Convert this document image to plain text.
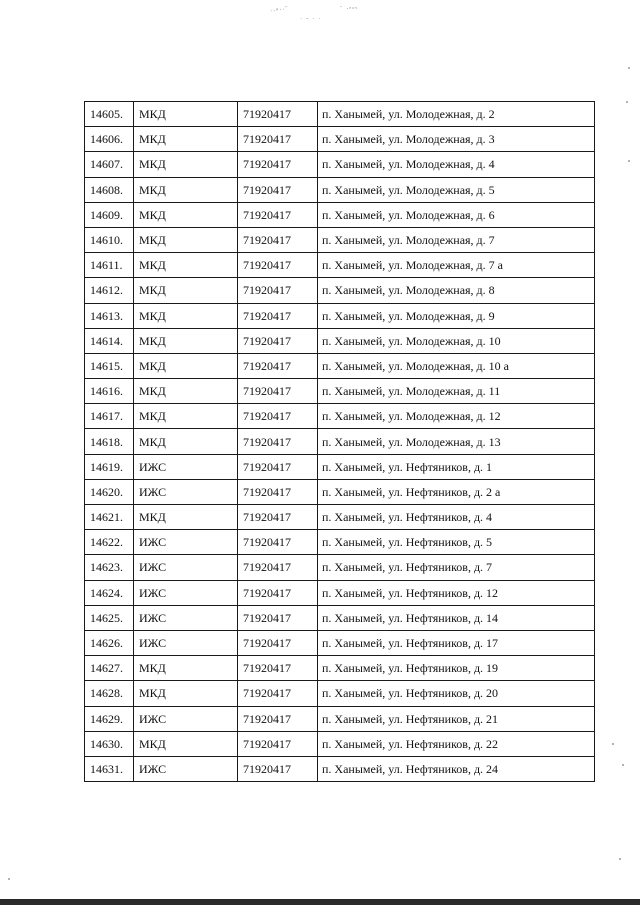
·∙ⁿ·∙ˆ	¨ ·ᵉᵒᵛ
˙ ˆ ˙ ˙
14605.	МКД	71920417	п. Ханымей, ул. Молодежная, д. 2
14606.	МКД	71920417	п. Ханымей, ул. Молодежная, д. 3
14607.	МКД	71920417	п. Ханымей, ул. Молодежная, д. 4
14608.	МКД	71920417	п. Ханымей, ул. Молодежная, д. 5
14609.	МКД	71920417	п. Ханымей, ул. Молодежная, д. 6
14610.	МКД	71920417	п. Ханымей, ул. Молодежная, д. 7
14611.	МКД	71920417	п. Ханымей, ул. Молодежная, д. 7 а
14612.	МКД	71920417	п. Ханымей, ул. Молодежная, д. 8
14613.	МКД	71920417	п. Ханымей, ул. Молодежная, д. 9
14614.	МКД	71920417	п. Ханымей, ул. Молодежная, д. 10
14615.	МКД	71920417	п. Ханымей, ул. Молодежная, д. 10 а
14616.	МКД	71920417	п. Ханымей, ул. Молодежная, д. 11
14617.	МКД	71920417	п. Ханымей, ул. Молодежная, д. 12
14618.	МКД	71920417	п. Ханымей, ул. Молодежная, д. 13
14619.	ИЖС	71920417	п. Ханымей, ул. Нефтяников, д. 1
14620.	ИЖС	71920417	п. Ханымей, ул. Нефтяников, д. 2 а
14621.	МКД	71920417	п. Ханымей, ул. Нефтяников, д. 4
14622.	ИЖС	71920417	п. Ханымей, ул. Нефтяников, д. 5
14623.	ИЖС	71920417	п. Ханымей, ул. Нефтяников, д. 7
14624.	ИЖС	71920417	п. Ханымей, ул. Нефтяников, д. 12
14625.	ИЖС	71920417	п. Ханымей, ул. Нефтяников, д. 14
14626.	ИЖС	71920417	п. Ханымей, ул. Нефтяников, д. 17
14627.	МКД	71920417	п. Ханымей, ул. Нефтяников, д. 19
14628.	МКД	71920417	п. Ханымей, ул. Нефтяников, д. 20
14629.	ИЖС	71920417	п. Ханымей, ул. Нефтяников, д. 21
14630.	МКД	71920417	п. Ханымей, ул. Нефтяников, д. 22
14631.	ИЖС	71920417	п. Ханымей, ул. Нефтяников, д. 24
